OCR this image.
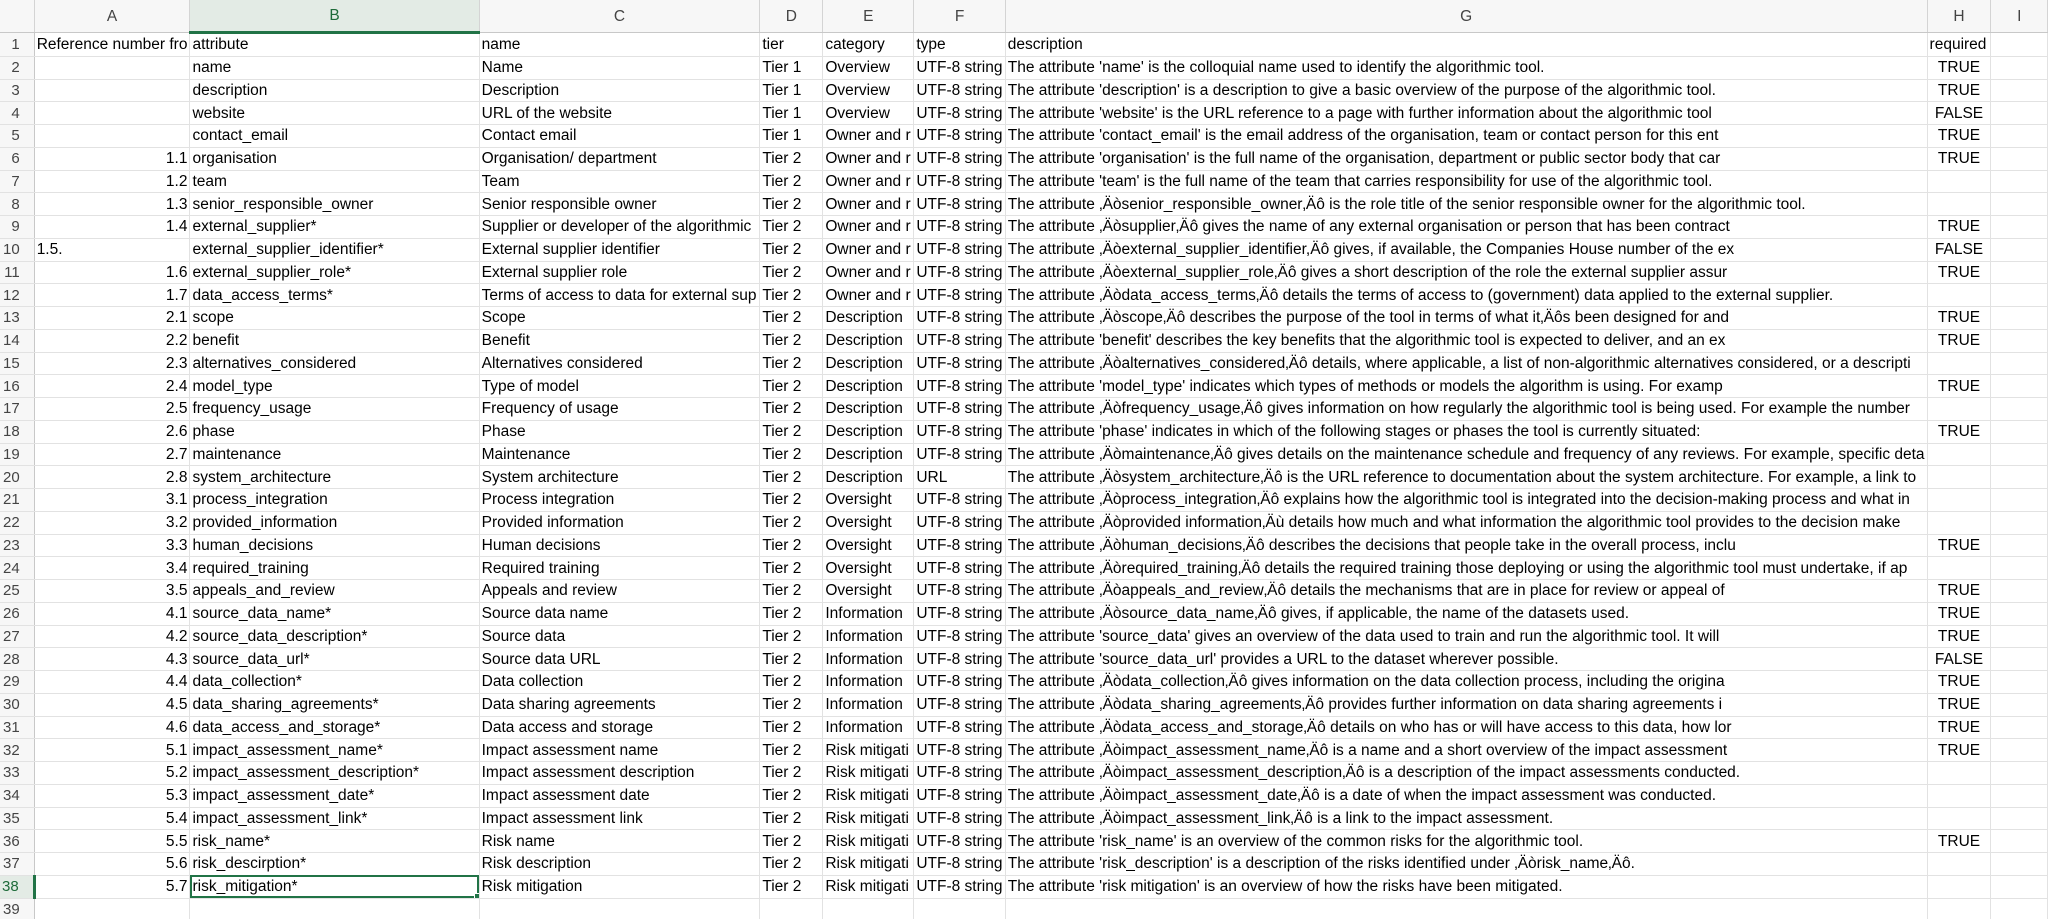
	A	B	C	D	E	F	G	H	I
1	Reference number fro	attribute	name	tier	category	type	description	required	
2		name	Name	Tier 1	Overview	UTF-8 string	The attribute 'name' is the colloquial name used to identify the algorithmic tool.	TRUE	
3		description	Description	Tier 1	Overview	UTF-8 string	The attribute 'description' is a description to give a basic overview of the purpose of the algorithmic tool.	TRUE	
4		website	URL of the website	Tier 1	Overview	UTF-8 string	The attribute 'website' is the URL reference to a page with further information about the algorithmic tool	FALSE	
5		contact_email	Contact email	Tier 1	Owner and r	UTF-8 string	The attribute 'contact_email' is the email address of the organisation, team or contact person for this ent	TRUE	
6	1.1	organisation	Organisation/ department	Tier 2	Owner and r	UTF-8 string	The attribute 'organisation' is the full name of the organisation, department or public sector body that car	TRUE	
7	1.2	team	Team	Tier 2	Owner and r	UTF-8 string	The attribute 'team' is the full name of the team that carries responsibility for use of the algorithmic tool.		
8	1.3	senior_responsible_owner	Senior responsible owner	Tier 2	Owner and r	UTF-8 string	The attribute ‚Äòsenior_responsible_owner‚Äô is the role title of the senior responsible owner for the algorithmic tool.		
9	1.4	external_supplier*	Supplier or developer of the algorithmic	Tier 2	Owner and r	UTF-8 string	The attribute ‚Äòsupplier‚Äô gives the name of any external organisation or person that has been contract	TRUE	
10	1.5.	external_supplier_identifier*	External supplier identifier	Tier 2	Owner and r	UTF-8 string	The attribute ‚Äòexternal_supplier_identifier,Äô gives, if available, the Companies House number of the ex	FALSE	
11	1.6	external_supplier_role*	External supplier role	Tier 2	Owner and r	UTF-8 string	The attribute ‚Äòexternal_supplier_role‚Äô gives a short description of the role the external supplier assur	TRUE	
12	1.7	data_access_terms*	Terms of access to data for external sup	Tier 2	Owner and r	UTF-8 string	The attribute ‚Äòdata_access_terms‚Äô details the terms of access to (government) data applied to the external supplier.		
13	2.1	scope	Scope	Tier 2	Description	UTF-8 string	The attribute ‚Äòscope‚Äô describes the purpose of the tool in terms of what it‚Äôs been designed for and	TRUE	
14	2.2	benefit	Benefit	Tier 2	Description	UTF-8 string	The attribute 'benefit' describes the key benefits that the algorithmic tool is expected to deliver, and an ex	TRUE	
15	2.3	alternatives_considered	Alternatives considered	Tier 2	Description	UTF-8 string	The attribute ‚Äòalternatives_considered‚Äô details, where applicable, a list of non-algorithmic alternatives considered, or a descripti		
16	2.4	model_type	Type of model	Tier 2	Description	UTF-8 string	The attribute 'model_type' indicates which types of methods or models the algorithm is using. For examp	TRUE	
17	2.5	frequency_usage	Frequency of usage	Tier 2	Description	UTF-8 string	The attribute ‚Äòfrequency_usage‚Äô gives information on how regularly the algorithmic tool is being used. For example the number		
18	2.6	phase	Phase	Tier 2	Description	UTF-8 string	The attribute 'phase' indicates in which of the following stages or phases the tool is currently situated:	TRUE	
19	2.7	maintenance	Maintenance	Tier 2	Description	UTF-8 string	The attribute ‚Äòmaintenance‚Äô gives details on the maintenance schedule and frequency of any reviews. For example, specific deta		
20	2.8	system_architecture	System architecture	Tier 2	Description	URL	The attribute ‚Äòsystem_architecture‚Äô is the URL reference to documentation about the system architecture. For example, a link to		
21	3.1	process_integration	Process integration	Tier 2	Oversight	UTF-8 string	The attribute ‚Äòprocess_integration‚Äô explains how the algorithmic tool is integrated into the decision-making process and what in		
22	3.2	provided_information	Provided information	Tier 2	Oversight	UTF-8 string	The attribute ‚Äòprovided information‚Äù details how much and what information the algorithmic tool provides to the decision make		
23	3.3	human_decisions	Human decisions	Tier 2	Oversight	UTF-8 string	The attribute ‚Äòhuman_decisions‚Äô describes the decisions that people take in the overall process, inclu	TRUE	
24	3.4	required_training	Required training	Tier 2	Oversight	UTF-8 string	The attribute ‚Äòrequired_training‚Äô details the required training those deploying or using the algorithmic tool must undertake, if ap		
25	3.5	appeals_and_review	Appeals and review	Tier 2	Oversight	UTF-8 string	The attribute ‚Äòappeals_and_review‚Äô details the mechanisms that are in place for review or appeal of	TRUE	
26	4.1	source_data_name*	Source data name	Tier 2	Information	UTF-8 string	The attribute ‚Äòsource_data_name‚Äô gives, if applicable, the name of the datasets used.	TRUE	
27	4.2	source_data_description*	Source data	Tier 2	Information	UTF-8 string	The attribute 'source_data' gives an overview of the data used to train and run the algorithmic tool. It will	TRUE	
28	4.3	source_data_url*	Source data URL	Tier 2	Information	UTF-8 string	The attribute 'source_data_url' provides a URL to the dataset wherever possible.	FALSE	
29	4.4	data_collection*	Data collection	Tier 2	Information	UTF-8 string	The attribute ‚Äòdata_collection‚Äô gives information on the data collection process, including the origina	TRUE	
30	4.5	data_sharing_agreements*	Data sharing agreements	Tier 2	Information	UTF-8 string	The attribute ‚Äòdata_sharing_agreements‚Äô provides further information on data sharing agreements i	TRUE	
31	4.6	data_access_and_storage*	Data access and storage	Tier 2	Information	UTF-8 string	The attribute ‚Äòdata_access_and_storage‚Äô details on who has or will have access to this data, how lor	TRUE	
32	5.1	impact_assessment_name*	Impact assessment name	Tier 2	Risk mitigati	UTF-8 string	The attribute ‚Äòimpact_assessment_name‚Äô is a name and a short overview of the impact assessment	TRUE	
33	5.2	impact_assessment_description*	Impact assessment description	Tier 2	Risk mitigati	UTF-8 string	The attribute ‚Äòimpact_assessment_description‚Äô is a description of the impact assessments conducted.		
34	5.3	impact_assessment_date*	Impact assessment date	Tier 2	Risk mitigati	UTF-8 string	The attribute ‚Äòimpact_assessment_date‚Äô is a date of when the impact assessment was conducted.		
35	5.4	impact_assessment_link*	Impact assessment link	Tier 2	Risk mitigati	UTF-8 string	The attribute ‚Äòimpact_assessment_link‚Äô is a link to the impact assessment.		
36	5.5	risk_name*	Risk name	Tier 2	Risk mitigati	UTF-8 string	The attribute 'risk_name' is an overview of the common risks for the algorithmic tool.	TRUE	
37	5.6	risk_descirption*	Risk description	Tier 2	Risk mitigati	UTF-8 string	The attribute 'risk_description' is a description of the risks identified under ‚Äòrisk_name‚Äô.		
38	5.7	risk_mitigation*	Risk mitigation	Tier 2	Risk mitigati	UTF-8 string	The attribute 'risk mitigation' is an overview of how the risks have been mitigated.		
39									
